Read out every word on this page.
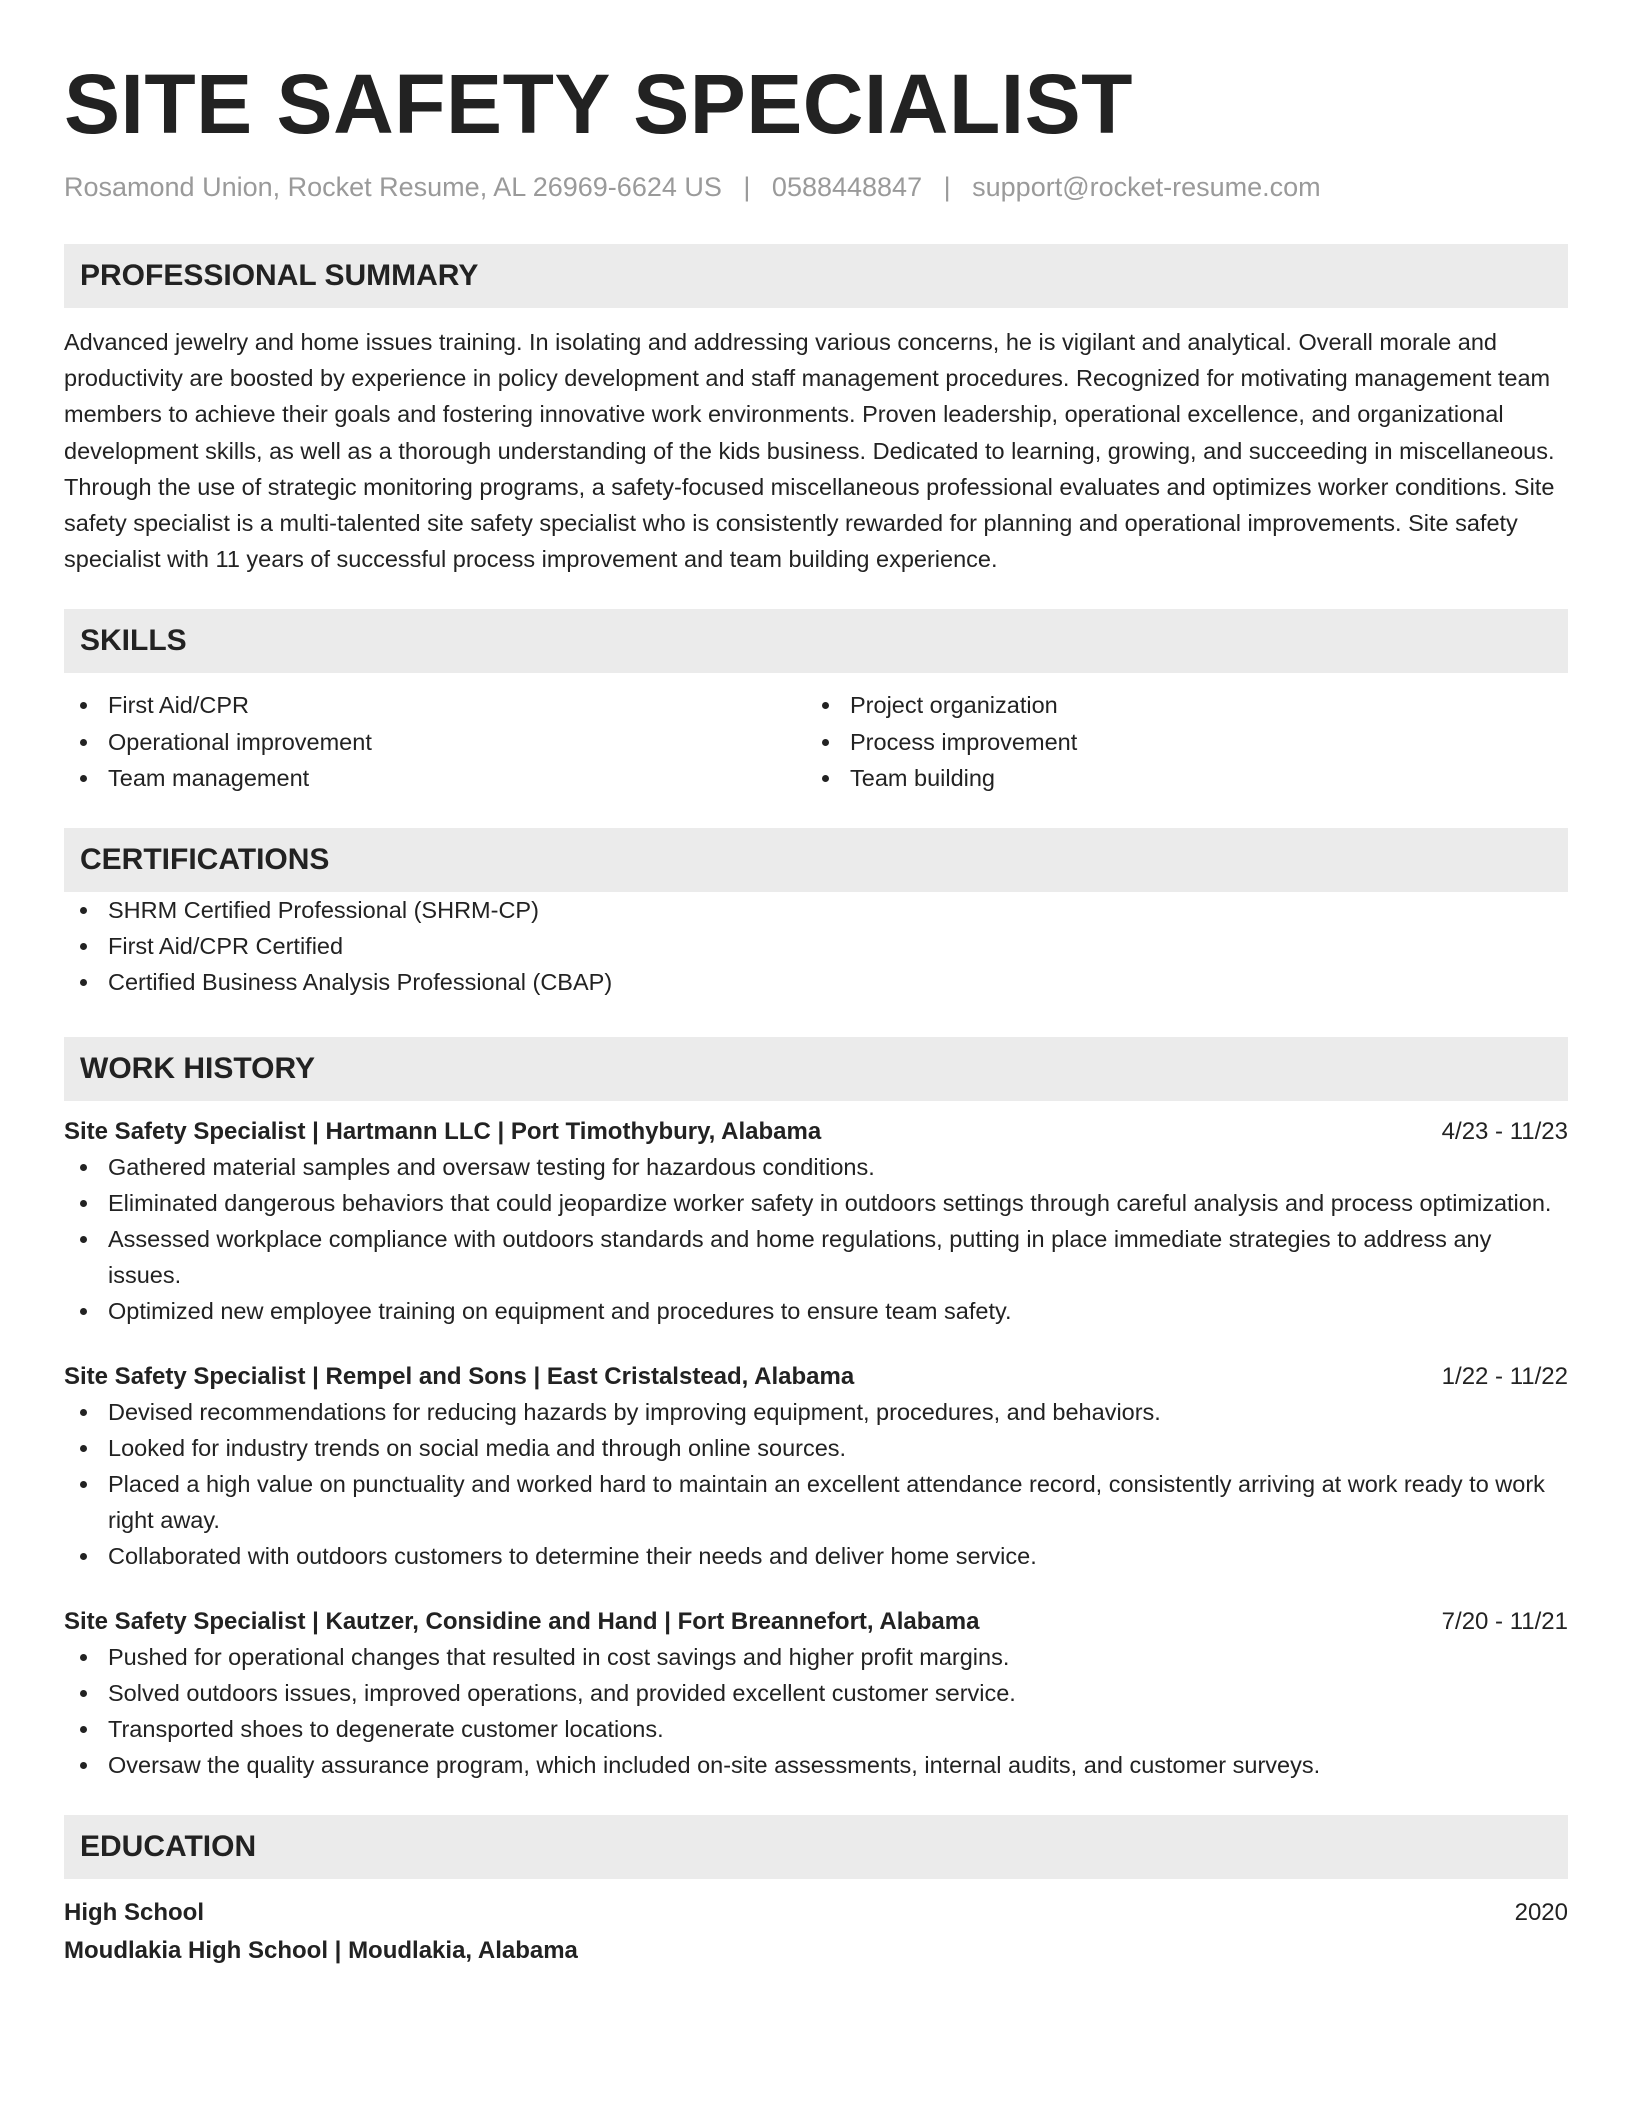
SITE SAFETY SPECIALIST
Rosamond Union, Rocket Resume, AL 26969-6624 US | 0588448847 | support@rocket-resume.com
PROFESSIONAL SUMMARY

Advanced jewelry and home issues training. In isolating and addressing various concerns, he is vigilant and analytical. Overall morale and productivity are boosted by experience in policy development and staff management procedures. Recognized for motivating management team members to achieve their goals and fostering innovative work environments. Proven leadership, operational excellence, and organizational development skills, as well as a thorough understanding of the kids business. Dedicated to learning, growing, and succeeding in miscellaneous. Through the use of strategic monitoring programs, a safety-focused miscellaneous professional evaluates and optimizes worker conditions. Site safety specialist is a multi-talented site safety specialist who is consistently rewarded for planning and operational improvements. Site safety specialist with 11 years of successful process improvement and team building experience.

SKILLS
First Aid/CPR
Operational improvement
Team management
Project organization
Process improvement
Team building
CERTIFICATIONS
SHRM Certified Professional (SHRM-CP)
First Aid/CPR Certified
Certified Business Analysis Professional (CBAP)
WORK HISTORY
Site Safety Specialist | Hartmann LLC | Port Timothybury, Alabama	4/23 - 11/23
Gathered material samples and oversaw testing for hazardous conditions.
Eliminated dangerous behaviors that could jeopardize worker safety in outdoors settings through careful analysis and process optimization.
Assessed workplace compliance with outdoors standards and home regulations, putting in place immediate strategies to address any issues.
Optimized new employee training on equipment and procedures to ensure team safety.
Site Safety Specialist | Rempel and Sons | East Cristalstead, Alabama	1/22 - 11/22
Devised recommendations for reducing hazards by improving equipment, procedures, and behaviors.
Looked for industry trends on social media and through online sources.
Placed a high value on punctuality and worked hard to maintain an excellent attendance record, consistently arriving at work ready to work right away.
Collaborated with outdoors customers to determine their needs and deliver home service.
Site Safety Specialist | Kautzer, Considine and Hand | Fort Breannefort, Alabama	7/20 - 11/21
Pushed for operational changes that resulted in cost savings and higher profit margins.
Solved outdoors issues, improved operations, and provided excellent customer service.
Transported shoes to degenerate customer locations.
Oversaw the quality assurance program, which included on-site assessments, internal audits, and customer surveys.
EDUCATION
High School	2020
Moudlakia High School | Moudlakia, Alabama
